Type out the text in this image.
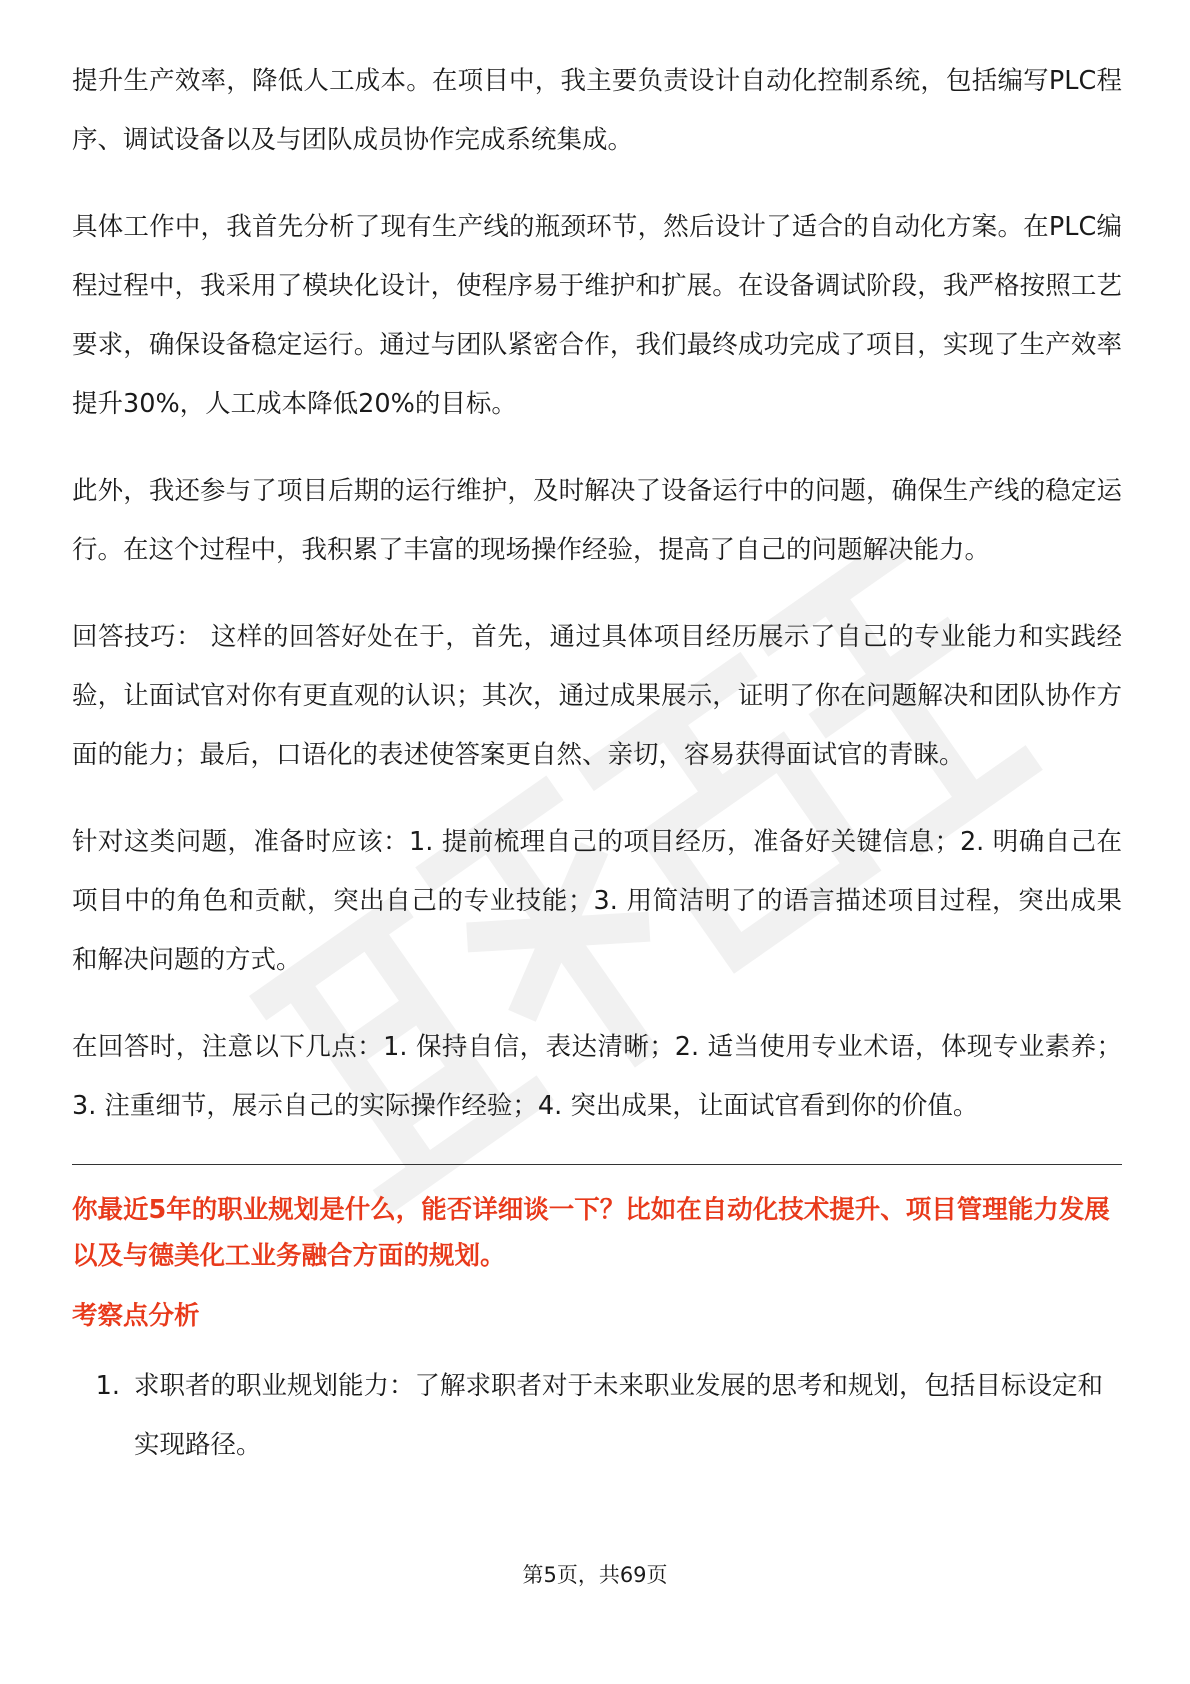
提升生产效率，降低人工成本。在项目中，我主要负责设计自动化控制系统，包括编写PLC程序、调试设备以及与团队成员协作完成系统集成。

具体工作中，我首先分析了现有生产线的瓶颈环节，然后设计了适合的自动化方案。在PLC编程过程中，我采用了模块化设计，使程序易于维护和扩展。在设备调试阶段，我严格按照工艺要求，确保设备稳定运行。通过与团队紧密合作，我们最终成功完成了项目，实现了生产效率提升30%，人工成本降低20%的目标。

此外，我还参与了项目后期的运行维护，及时解决了设备运行中的问题，确保生产线的稳定运行。在这个过程中，我积累了丰富的现场操作经验，提高了自己的问题解决能力。

回答技巧： 这样的回答好处在于，首先，通过具体项目经历展示了自己的专业能力和实践经验，让面试官对你有更直观的认识；其次，通过成果展示，证明了你在问题解决和团队协作方面的能力；最后，口语化的表述使答案更自然、亲切，容易获得面试官的青睐。

针对这类问题，准备时应该：1. 提前梳理自己的项目经历，准备好关键信息；2. 明确自己在项目中的角色和贡献，突出自己的专业技能；3. 用简洁明了的语言描述项目过程，突出成果和解决问题的方式。

在回答时，注意以下几点：1. 保持自信，表达清晰；2. 适当使用专业术语，体现专业素养；3. 注重细节，展示自己的实际操作经验；4. 突出成果，让面试官看到你的价值。

你最近5年的职业规划是什么，能否详细谈一下？比如在自动化技术提升、项目管理能力发展以及与德美化工业务融合方面的规划。
考察点分析
1. 求职者的职业规划能力：了解求职者对于未来职业发展的思考和规划，包括目标设定和实现路径。
第5页，共69页
